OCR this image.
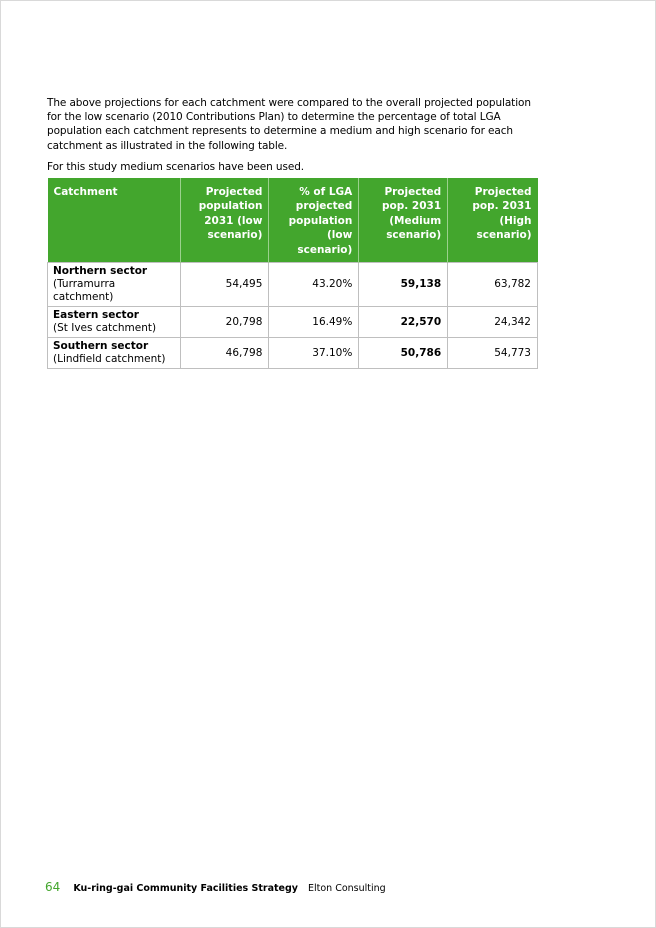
The above projections for each catchment were compared to the overall projected population for the low scenario (2010 Contributions Plan) to determine the percentage of total LGA population each catchment represents to determine a medium and high scenario for each catchment as illustrated in the following table.

For this study medium scenarios have been used.

Catchment	Projected population 2031 (low scenario)	% of LGA projected population (low scenario)	Projected pop. 2031 (Medium scenario)	Projected pop. 2031 (High scenario)

Northern sector
(Turramurra catchment)	54,495	43.20%	59,138	63,782

Eastern sector
(St Ives catchment)	20,798	16.49%	22,570	24,342

Southern sector
(Lindfield catchment)	46,798	37.10%	50,786	54,773
64 Ku-ring-gai Community Facilities Strategy Elton Consulting
